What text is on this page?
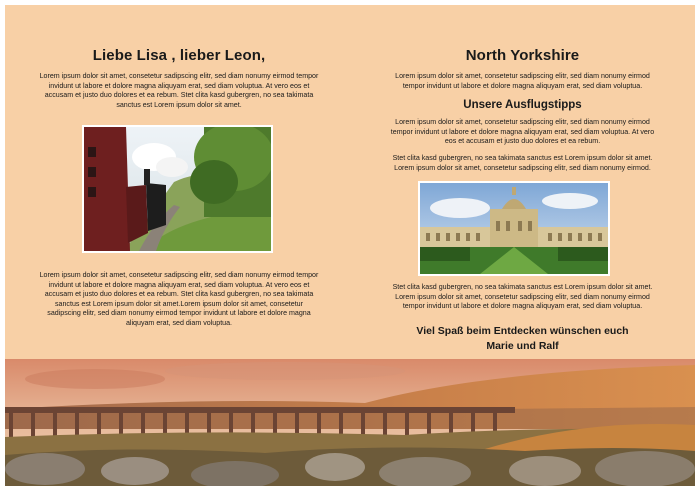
Liebe Lisa , lieber Leon,

Lorem ipsum dolor sit amet, consetetur sadipscing elitr, sed diam nonumy eirmod tempor invidunt ut labore et dolore magna aliquyam erat, sed diam voluptua. At vero eos et accusam et justo duo dolores et ea rebum. Stet clita kasd gubergren, no sea takimata sanctus est Lorem ipsum dolor sit amet.

Lorem ipsum dolor sit amet, consetetur sadipscing elitr, sed diam nonumy eirmod tempor invidunt ut labore et dolore magna aliquyam erat, sed diam voluptua. At vero eos et accusam et justo duo dolores et ea rebum. Stet clita kasd gubergren, no sea takimata sanctus est Lorem ipsum dolor sit amet.Lorem ipsum dolor sit amet, consetetur sadipscing elitr, sed diam nonumy eirmod tempor invidunt ut labore et dolore magna aliquyam erat, sed diam voluptua.

North Yorkshire

Lorem ipsum dolor sit amet, consetetur sadipscing elitr, sed diam nonumy eirmod tempor invidunt ut labore et dolore magna aliquyam erat, sed diam voluptua.

Unsere Ausflugstipps

Lorem ipsum dolor sit amet, consetetur sadipscing elitr, sed diam nonumy eirmod tempor invidunt ut labore et dolore magna aliquyam erat, sed diam voluptua. At vero eos et accusam et justo duo dolores et ea rebum.

Stet clita kasd gubergren, no sea takimata sanctus est Lorem ipsum dolor sit amet. Lorem ipsum dolor sit amet, consetetur sadipscing elitr, sed diam nonumy eirmod.

Stet clita kasd gubergren, no sea takimata sanctus est Lorem ipsum dolor sit amet. Lorem ipsum dolor sit amet, consetetur sadipscing elitr, sed diam nonumy eirmod tempor invidunt ut labore et dolore magna aliquyam erat, sed diam voluptua.

Viel Spaß beim Entdecken wünschen euch
Marie und Ralf
